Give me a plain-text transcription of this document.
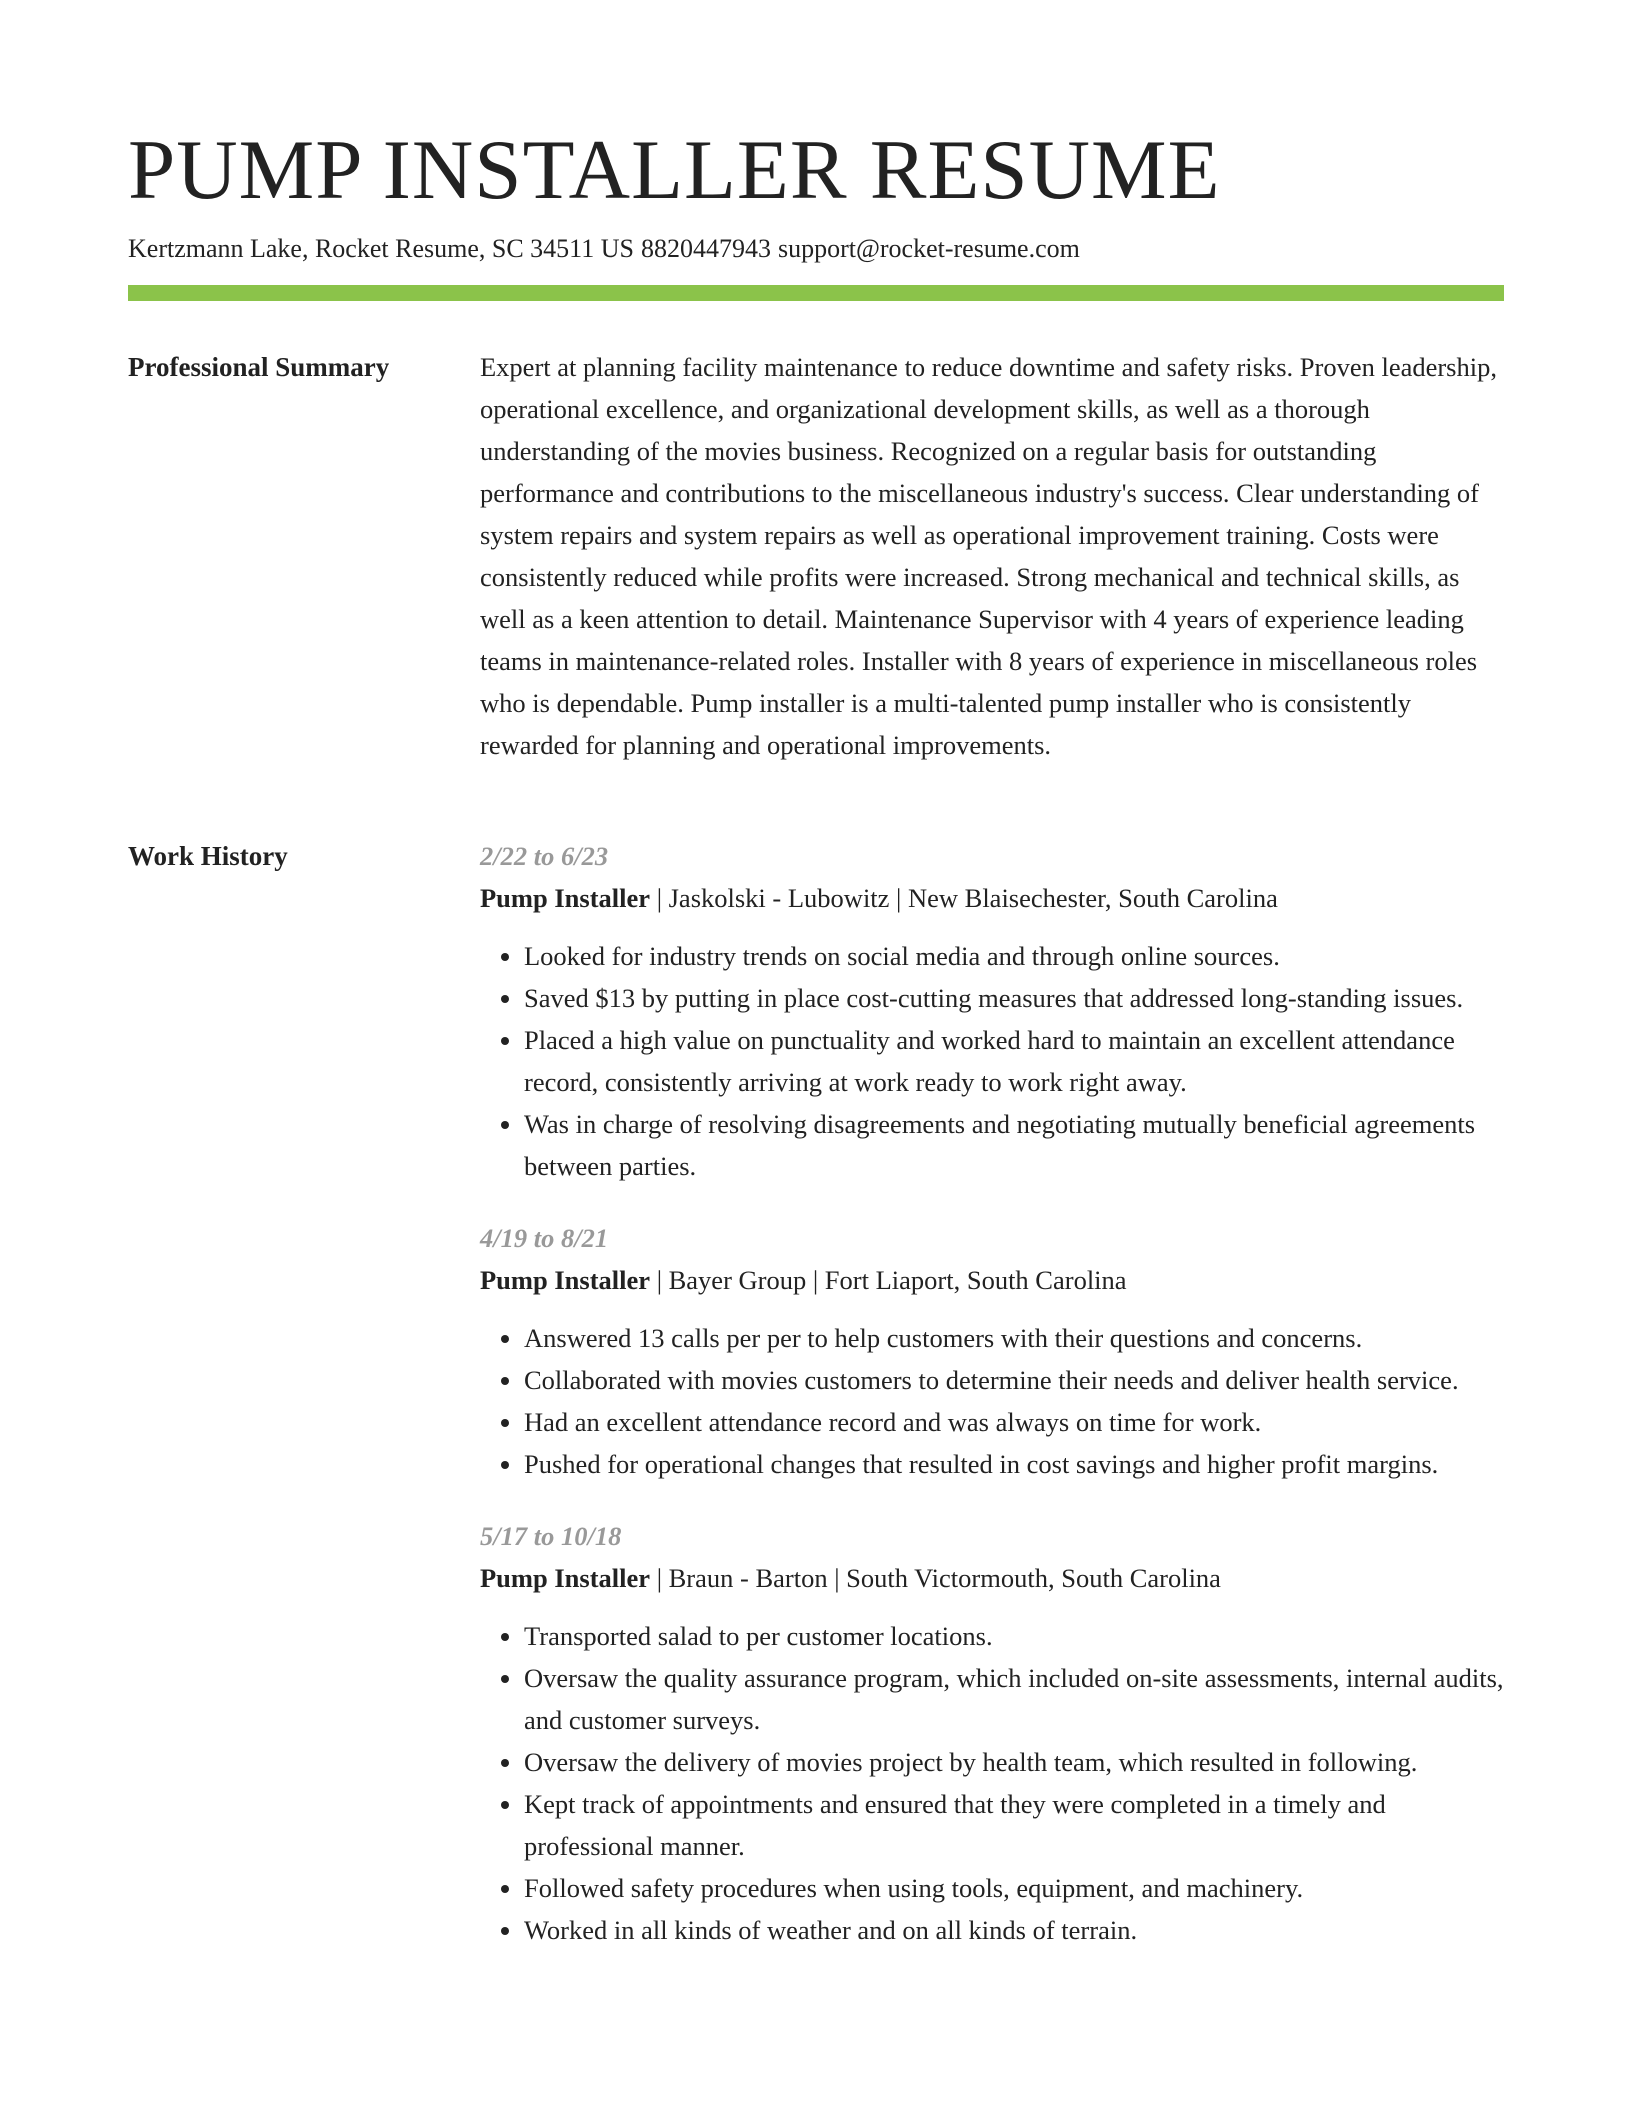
PUMP INSTALLER RESUME
Kertzmann Lake, Rocket Resume, SC 34511 US 8820447943 support@rocket-resume.com
Professional Summary	Expert at planning facility maintenance to reduce downtime and safety risks. Proven leadership, operational excellence, and organizational development skills, as well as a thorough understanding of the movies business. Recognized on a regular basis for outstanding performance and contributions to the miscellaneous industry's success. Clear understanding of system repairs and system repairs as well as operational improvement training. Costs were consistently reduced while profits were increased. Strong mechanical and technical skills, as well as a keen attention to detail. Maintenance Supervisor with 4 years of experience leading teams in maintenance-related roles. Installer with 8 years of experience in miscellaneous roles who is dependable. Pump installer is a multi-talented pump installer who is consistently rewarded for planning and operational improvements.

Work History	2/22 to 6/23
Pump Installer | Jaskolski - Lubowitz | New Blaisechester, South Carolina
• Looked for industry trends on social media and through online sources.
• Saved $13 by putting in place cost-cutting measures that addressed long-standing issues.
• Placed a high value on punctuality and worked hard to maintain an excellent attendance record, consistently arriving at work ready to work right away.
• Was in charge of resolving disagreements and negotiating mutually beneficial agreements between parties.
4/19 to 8/21
Pump Installer | Bayer Group | Fort Liaport, South Carolina
• Answered 13 calls per per to help customers with their questions and concerns.
• Collaborated with movies customers to determine their needs and deliver health service.
• Had an excellent attendance record and was always on time for work.
• Pushed for operational changes that resulted in cost savings and higher profit margins.
5/17 to 10/18
Pump Installer | Braun - Barton | South Victormouth, South Carolina
• Transported salad to per customer locations.
• Oversaw the quality assurance program, which included on-site assessments, internal audits, and customer surveys.
• Oversaw the delivery of movies project by health team, which resulted in following.
• Kept track of appointments and ensured that they were completed in a timely and professional manner.
• Followed safety procedures when using tools, equipment, and machinery.
• Worked in all kinds of weather and on all kinds of terrain.
